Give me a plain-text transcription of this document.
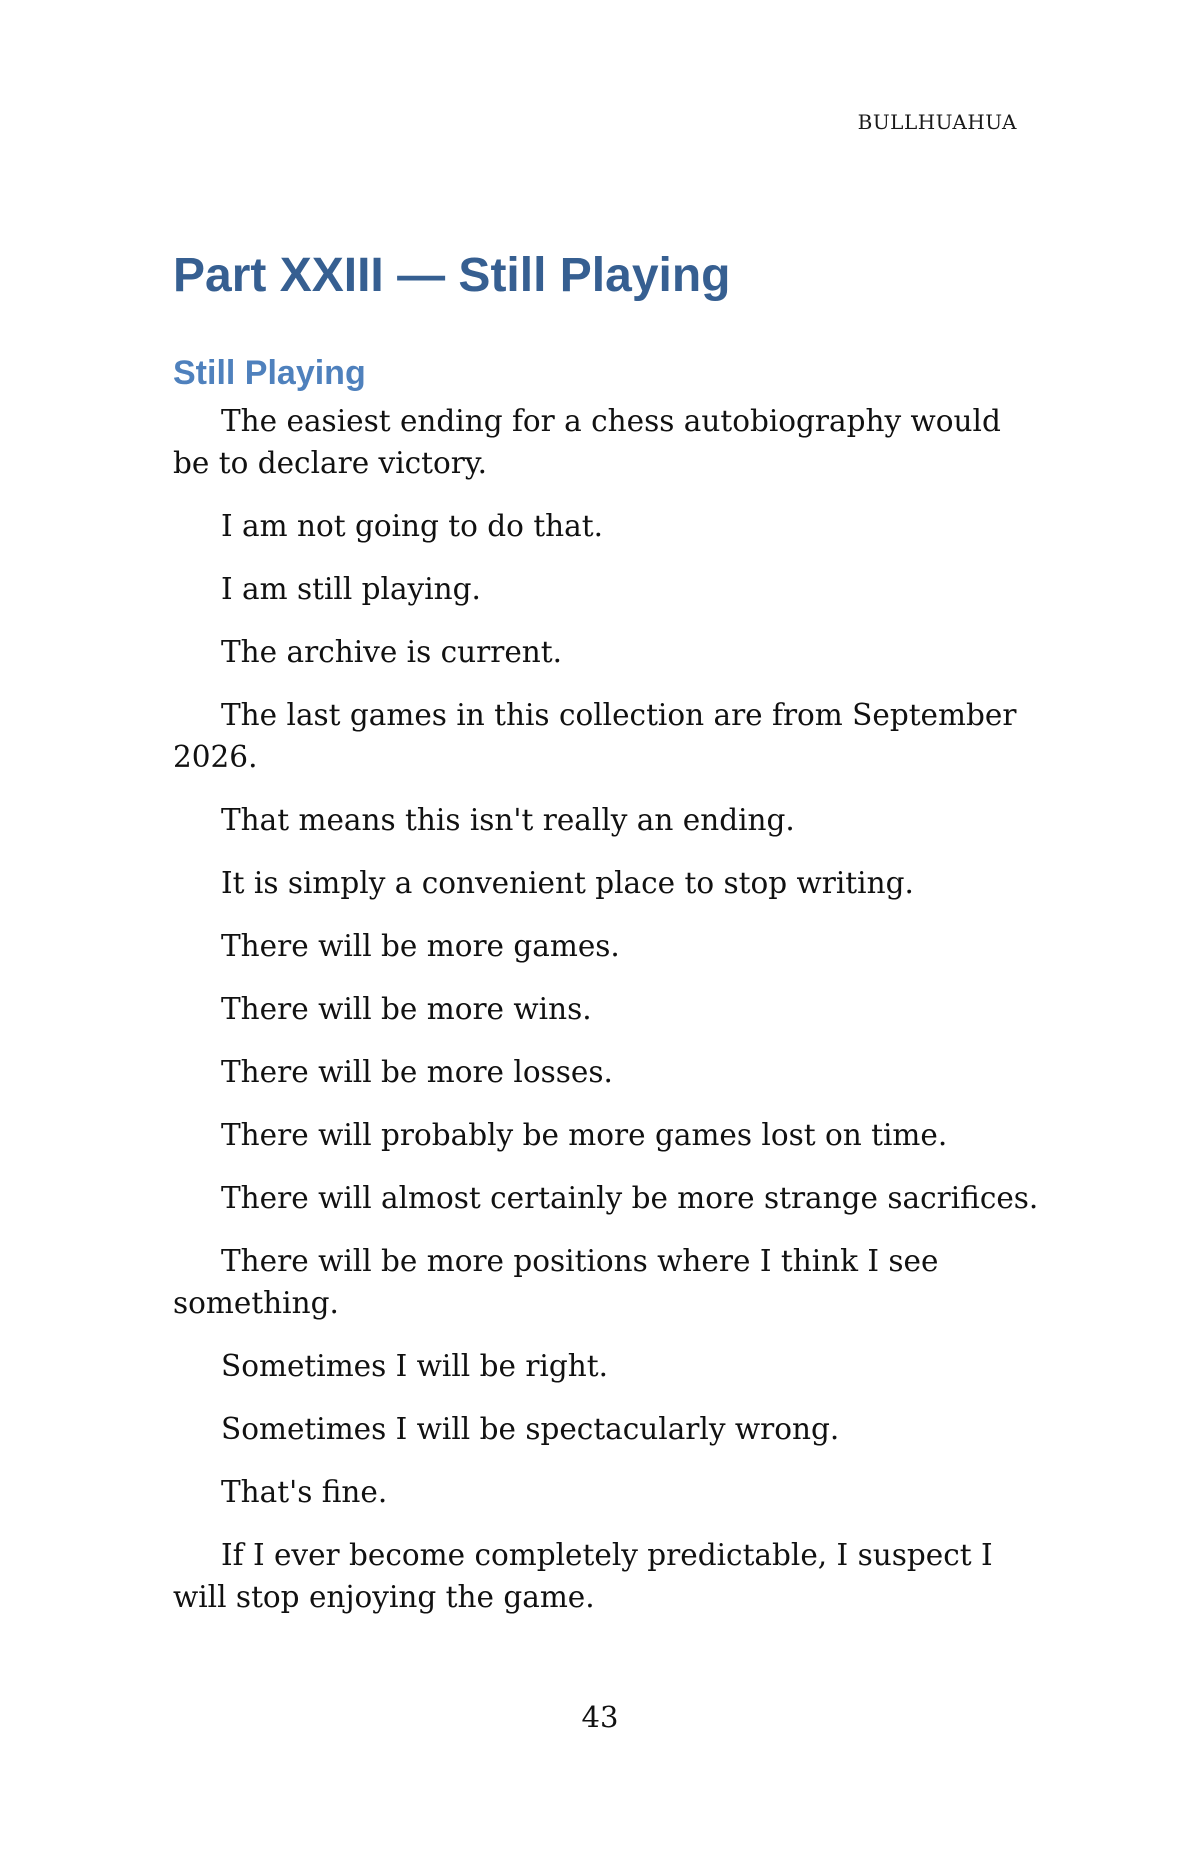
BULLHUAHUA
Part XXIII — Still Playing
Still Playing

The easiest ending for a chess autobiography would be to declare victory.

I am not going to do that.

I am still playing.

The archive is current.

The last games in this collection are from September 2026.

That means this isn't really an ending.

It is simply a convenient place to stop writing.

There will be more games.

There will be more wins.

There will be more losses.

There will probably be more games lost on time.

There will almost certainly be more strange sacrifices.

There will be more positions where I think I see something.

Sometimes I will be right.

Sometimes I will be spectacularly wrong.

That's fine.

If I ever become completely predictable, I suspect I will stop enjoying the game.

43
